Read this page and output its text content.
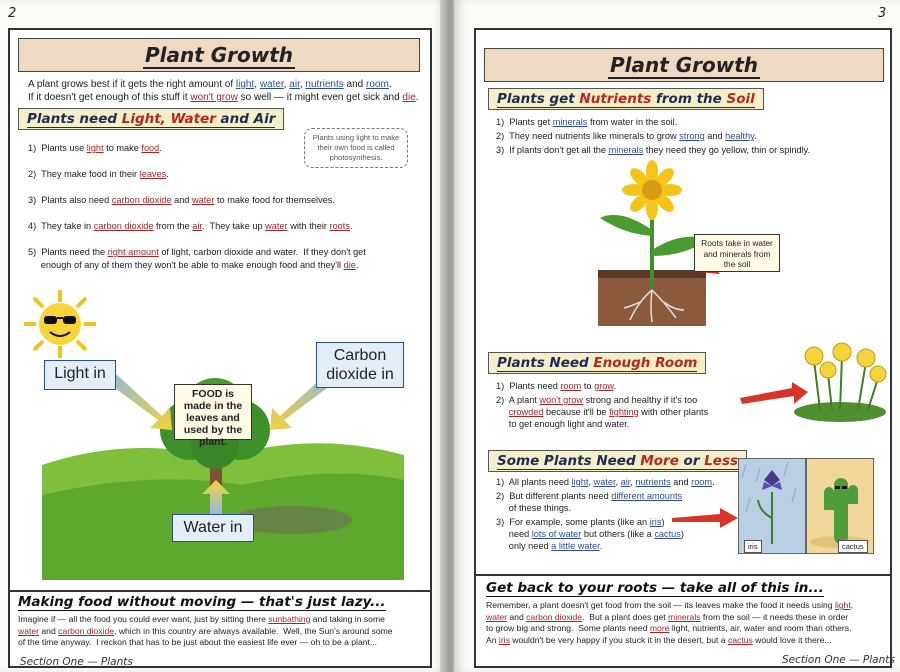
2
Plant Growth
A plant grows best if it gets the right amount of light, water, air, nutrients and room.
If it doesn't get enough of this stuff it won't grow so well — it might even get sick and die.
Plants need Light, Water and Air
Plants using light to make their own food is called photosynthesis.
1)  Plants use light to make food.
2)  They make food in their leaves.
3)  Plants also need carbon dioxide and water to make food for themselves.
4)  They take in carbon dioxide from the air.  They take up water with their roots.
5)  Plants need the right amount of light, carbon dioxide and water.  If they don't get
enough of any of them they won't be able to make enough food and they'll die.
Light in
Carbon dioxide in
FOOD is made in the leaves and used by the plant.
Water in
Making food without moving — that's just lazy...
Imagine if — all the food you could ever want, just by sitting there sunbathing and taking in some
water and carbon dioxide, which in this country are always available.  Well, the Sun's around some
of the time anyway.  I reckon that has to be just about the easiest life ever — oh to be a plant...
Section One — Plants
3
Plant Growth
Plants get Nutrients from the Soil
1)  Plants get minerals from water in the soil.
2)  They need nutrients like minerals to grow strong and healthy.
3)  If plants don't get all the minerals they need they go yellow, thin or spindly.
Roots take in water and minerals from the soil
Plants Need Enough Room
1)  Plants need room to grow.
2)  A plant won't grow strong and healthy if it's too
crowded because it'll be fighting with other plants
to get enough light and water.
Some Plants Need More or Less
1)  All plants need light, water, air, nutrients and room.
2)  But different plants need different amounts
of these things.
3)  For example, some plants (like an iris)
need lots of water but others (like a cactus)
only need a little water.	iris	cactus
Get back to your roots — take all of this in...
Remember, a plant doesn't get food from the soil — its leaves make the food it needs using light,
water and carbon dioxide.  But a plant does get minerals from the soil — it needs these in order
to grow big and strong.  Some plants need more light, nutrients, air, water and room than others.
An iris wouldn't be very happy if you stuck it in the desert, but a cactus would love it there...
Section One — Plants
